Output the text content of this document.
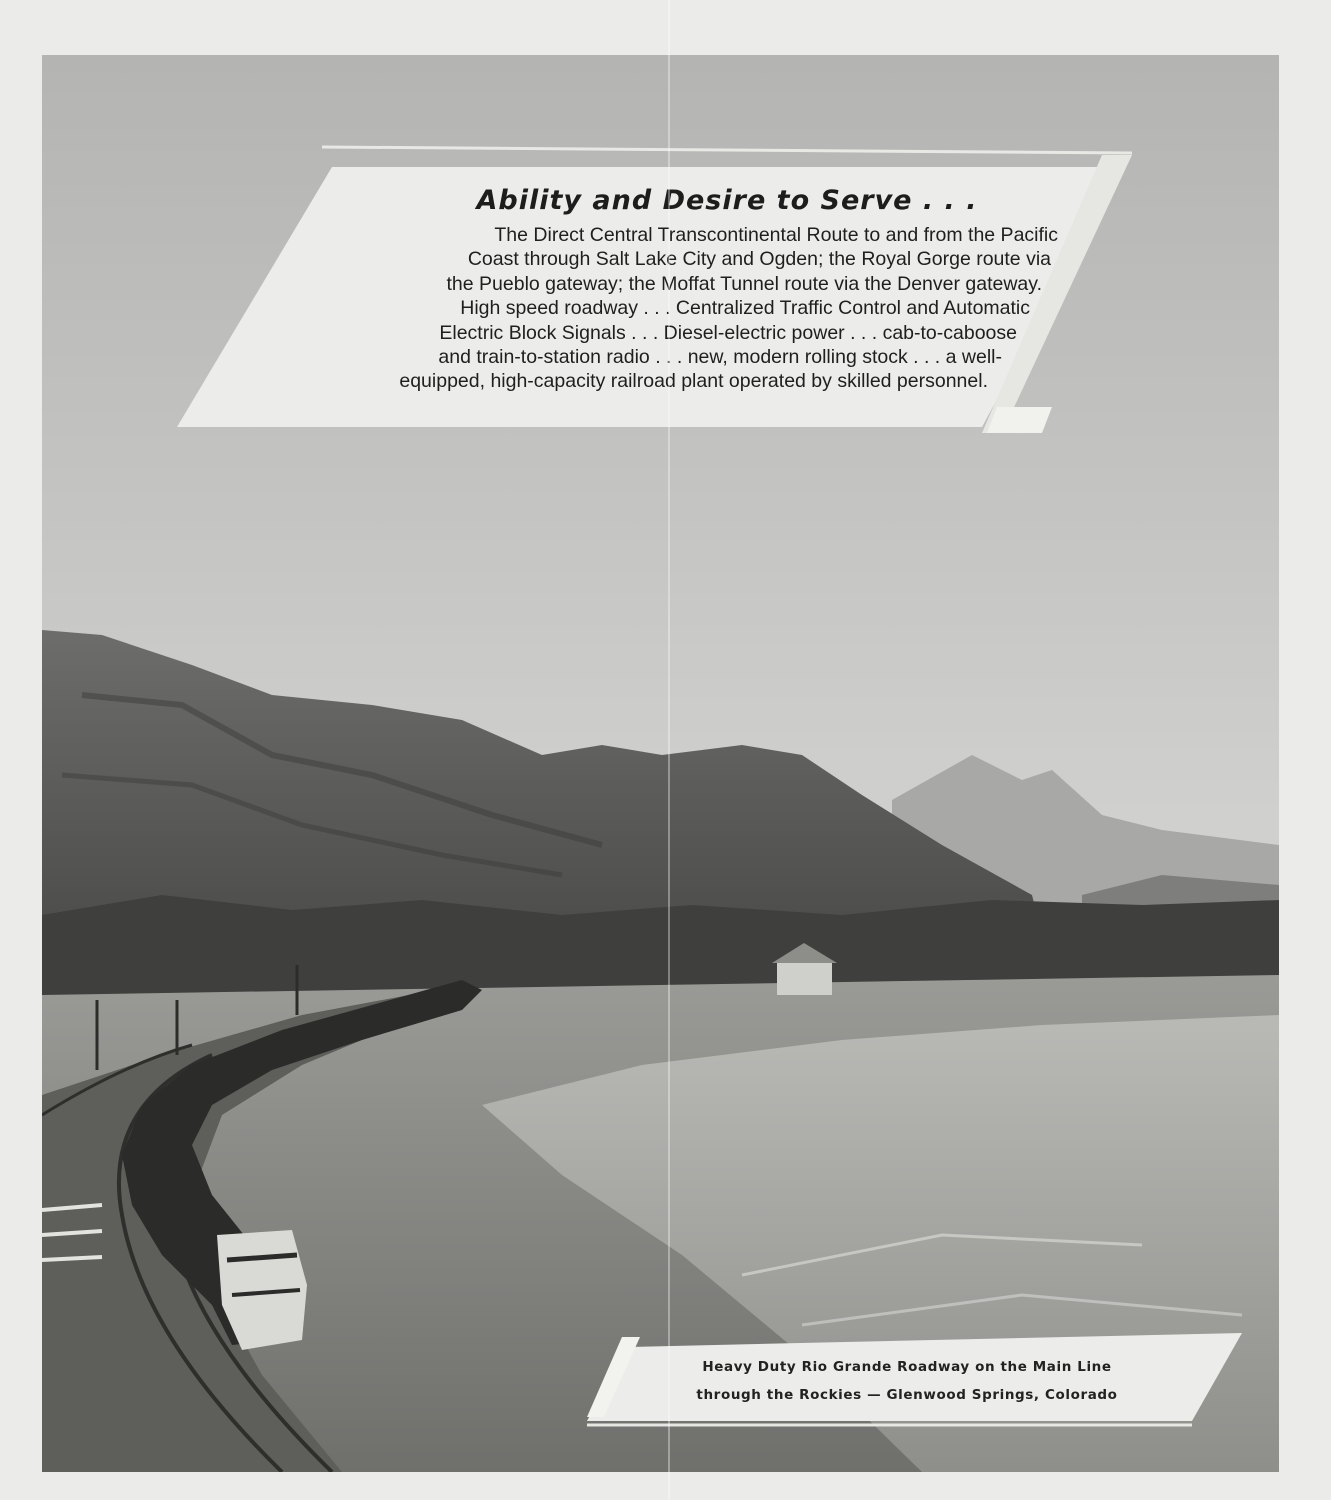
Ability and Desire to Serve . . .
The Direct Central Transcontinental Route to and from the Pacific
Coast through Salt Lake City and Ogden; the Royal Gorge route via
the Pueblo gateway; the Moffat Tunnel route via the Denver gateway.
High speed roadway . . . Centralized Traffic Control and Automatic
Electric Block Signals . . . Diesel-electric power . . . cab-to-caboose
and train-to-station radio . . . new, modern rolling stock . . . a well-
equipped, high-capacity railroad plant operated by skilled personnel.
Heavy Duty Rio Grande Roadway on the Main Line
through the Rockies — Glenwood Springs, Colorado
